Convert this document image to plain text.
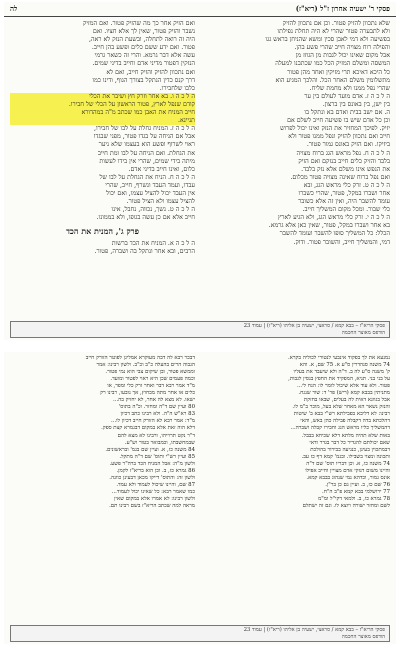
פסקי ר' ישעיה אחרון ז"ל (ריא"ז)
לה
שלא נתכוון להזיק פטור. וכן אם נתכוון להזיק
ולא לתבערה פטור שהרי לא היה תחלת נפילתו
בפשיעה ולא דמי לאבן סכין ומשא שהניחן בראש גגו
והפילה רוח מצויה חייב שהרי פשע בהן.
אבל מקום שאינו יכול לגבות מן הגוזז מן
המשסה ומשלם המזיק הכל כמו שכתבנו למעלה
כל היכא דאיכא תרי מזיקין ואחד מהן פטור
מתשלומין משלם האחר הכל. והלכך המגיע הוא
שהרי נפל ממנו ולא מחמת שליח.
ה ל כ ה ז. אדם מועד לעולם בין ער
בין ישן, בין באונס בין ברצון.
ה. אם ישב בבית ואדם בא ונתקל בו
וכן כל אדם שיש בו פשיעה חייב לשלם אם
יזיק. לפיכך המחזיר את הנזק ואינו יכול לפרוש
חייב ואם נתכוון להזיק ונפל ממנו פטור ולא
ביזיקו. ואם הזיק באונס גמור פטור.
ה ל כ ה ח. נפל מראש הגג ברוח מצויה
בלבד והזיק כלים חייב בנזקם ואם הזיק
את הנפש אינו משלם אלא נזק בלבד.
ואם נפל ברוח שאינה מצויה פטור מכלום.
ה ל כ ה ט. זרק כלי מראש הגג, ובא
אחר ושברו במקל, פטור, שהרי כשברו
עומד להשבר היה, ואין זה אלא כשובר
כלי שבור. ומכל מקום המשליך חייב.
ה ל כ ה י. זרק כלי מראש הגג, ולא הגיע לארץ
בא אחר ושברו במקל, פטור, שאין כאן אלא גרמא.
הכלל: כל המשליך סופו להשבר ועומד להשבר
דמי, והמשליך חייב, והשובר פטור. ודוק.
ואם הזיק אחר כך מה שהזיק פטור. ואם המזיק
נשבר והזיק פטור, שאין לך אלא חציו. ואם
היה זה רואה לתחלה, ובשעת הנזק לא ראה,
פטור. ואם ידע ששם כלים ופשע בהן חייב.
עשה אלא דבר גרמא. והרי זה כשאר גרמי
הנזקין דפטור מדיני אדם וחייב בדיני שמים.
ואם נתכוון להזיק והזיק חייב, ואם לא
דרך קנס כדין הנתקל בצורך הגוף, ודינו כמו
כלבו שלחבירו.
ה ל כ ה ו. בא אחר וזרק חץ ושיבר את הכלי
קודם שנפל לארץ, פטור הראשון על הכלי של חבירו.
חייב המניח את האבן כמו שכתב מ"ה במהדורא
תניינא.
ה ל כ ה ז. המניח גחלת על לבו של חבירו,
אבל אם הניחה על בגדו פטור, מפני שבגדו
ראוי לשרוף ופשע הוא בעצמו שלא ניער
את הגחלת. ואם הניחה על לבו ומת חייב
מיתה בידי שמים, שהרי אין בידו לעשות
כלום, ואינו חייב בדיני אדם.
ה ל כ ה ח. הניח את הגחלת על לבו של
עבדו, ועמד העבד ונשרף, חייב, שהרי
אין העבד יכול להציל עצמו, ואם יכול
להציל עצמו ולא הציל פטור.
ה ל כ ה ט. נשך, נכווה, נחבל, אינו
חייב אלא אם כן עשה בגופו, ולא בממונו.
פרק ג', המנית את הכד
ה ל כ ה א. המניח את הכד ברשות
הרבים, ובא אחר ונתקל בה ושברה, פטור.
פסקי הריא"ז – בבא קמא / סראצי, ישעיה בן אליהו (ריא"ז) | עמוד 23
הודפס מאוצר החכמה
נמנעא את לך בפקוד אינבעי לנטורי לכוליה בקרא.
74 משנה סנהדרין ס"ע א. 75 שם, א. והא
ק' משנה ס"ע לה ב. ד"ה ולא שיעבד את בעליו
על בני בני. תניא, המפקיד את החפץ בנסין לגבות,
פטור. ולא עוד אלא שיכול לומר לו: הנח לי...
מתניתין בבבא קמא (ריש) פר' ד: שור שנגח.
אבל בגוונא דאית לה בעלים, שבאו בחזקת
והנזק נשאר הא מאחר שלא בעל, מוכר ב"מ לו.
רבינו: לא דליבא בפבילתא רש"י בבא ב' שיטות
דהלכתא בדה דקבלה פבילה כהן באש, והאי
דהמשליך כליו מראש הגג וחבירו קבלה ושברה...
באות שלא תהיה מלתא דלא שכיחא בבבל.
שאם יכולתם להגדיר כל דבר בגדר ודאי
דבמתכוין בעינן, כנגיעה בבירור בהולכת
ותכונה ומצוי בשבילו. ובגמ' קמא דף כז עב.
74 משנה כו, א. וכן דבריו תוס' שם ד"ה
והיינו משום דנזקי אדם מצויין וחייב אפילו
אונס גמור, וכדהא נמי שנהוג בבבא קמא.
76 שם כז, ב. ועיין גם כן בר"ן.
77 ירושלמי בבא קמא פ"ב ה"ח.
78 גמרא כו, ב. ולמאי דקי"ל ומ"מ
לשם ומחזר ישורה ויוצא לו. וגם זה ישתלם
דבכר רבא לה דבה מעוקרא אמליגן לפוטר הזורק חייב
הגבוה הרים בהעלה כ"ב וכ"ב. ולשון רבינו: אמר
וממשא פטור, ובן שיקום צבי הוא נמי פטור.
וכמה פעמים שכן היא ראוי לפטור ומועד.
מ"ד אמר רבא דבר ואחר זרק כלי ומפר, או
כלים או אחר מתה מבחוץ, אך נובעו, רבינו רק
ישאו. לא מצא לה אחר, לא יחזיק בה...
80 ועיין שם ד"ה ומחזר. וכ"ה בתוס'
83 רא"ש ה"ה. ולא רבינו כתב דכיון
מ"ד: אמר רבא לא הזורק חייב דכיון לו...
דלא הוה זאת אלא במקום דבגמרא קצת ספק.
ד"ר נקט תרוייהו, ורבינו לא מצא להם
שבמחשבתו, וכמבואר בטור וש"ע.
84 משנה כז, א. ועיין שם בגמ' ובראשונים.
85 ועיין רש"י ותוס' שם ד"ה מתקל.
ולשון מ"ה: אבל המניח הכד ברה"ר פשע.
86 גמרא כז, ב. וכן הוא בריא"ז לקמן.
ולשון זה: והתוס' דייקו מכאן דבעינן כוונה.
87 שם, והיינו שיכול לעמוד ולא עמד.
כמו שאמר רבא: כל שאינו יכול לעמוד...
ולשון רבינו: לא אמרו אלא במקום שאין
מראה למה שכתב הריא"ז בשם רבינו תם.
פסקי הריא"ז – בבא קמא / סראצי, ישעיה בן אליהו (ריא"ז) | עמוד 23
הודפס מאוצר החכמה
